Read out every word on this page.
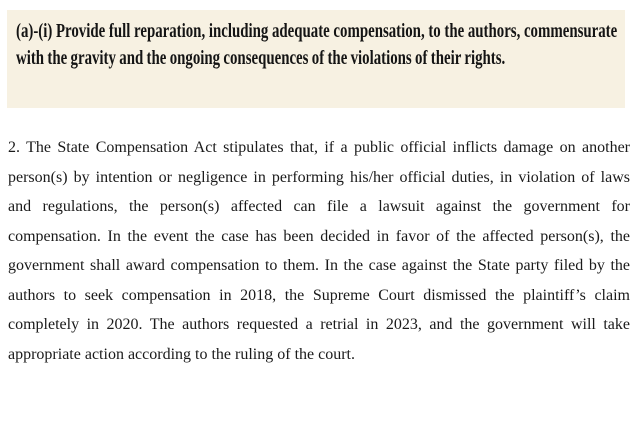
(a)-(i) Provide full reparation, including adequate compensation, to the authors, commensurate with the gravity and the ongoing consequences of the violations of their rights.

2. The State Compensation Act stipulates that, if a public official inflicts damage on another person(s) by intention or negligence in performing his/her official duties, in violation of laws and regulations, the person(s) affected can file a lawsuit against the government for compensation. In the event the case has been decided in favor of the affected person(s), the government shall award compensation to them. In the case against the State party filed by the authors to seek compensation in 2018, the Supreme Court dismissed the plaintiff’s claim completely in 2020. The authors requested a retrial in 2023, and the government will take appropriate action according to the ruling of the court.
